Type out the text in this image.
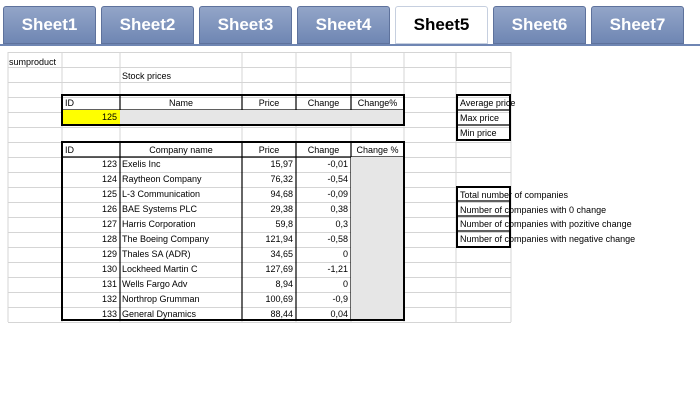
Sheet1	Sheet2	Sheet3	Sheet4	Sheet5	Sheet6	Sheet7
sumproduct
Stock prices
ID	Name	Price	Change	Change%
125
Average price
Max price
Min price
Total number of companies
Number of companies with 0 change
Number of companies with pozitive change
Number of companies with negative change
ID	Company name	Price	Change	Change %
123 Exelis Inc	15,97	-0,01
124 Raytheon Company	76,32	-0,54
125 L-3 Communication	94,68	-0,09
126 BAE Systems PLC	29,38	0,38
127 Harris Corporation	59,8	0,3
128 The Boeing Company	121,94	-0,58
129 Thales SA (ADR)	34,65	0
130 Lockheed Martin C	127,69	-1,21
131 Wells Fargo Adv	8,94	0
132 Northrop Grumman	100,69	-0,9
133 General Dynamics	88,44	0,04
